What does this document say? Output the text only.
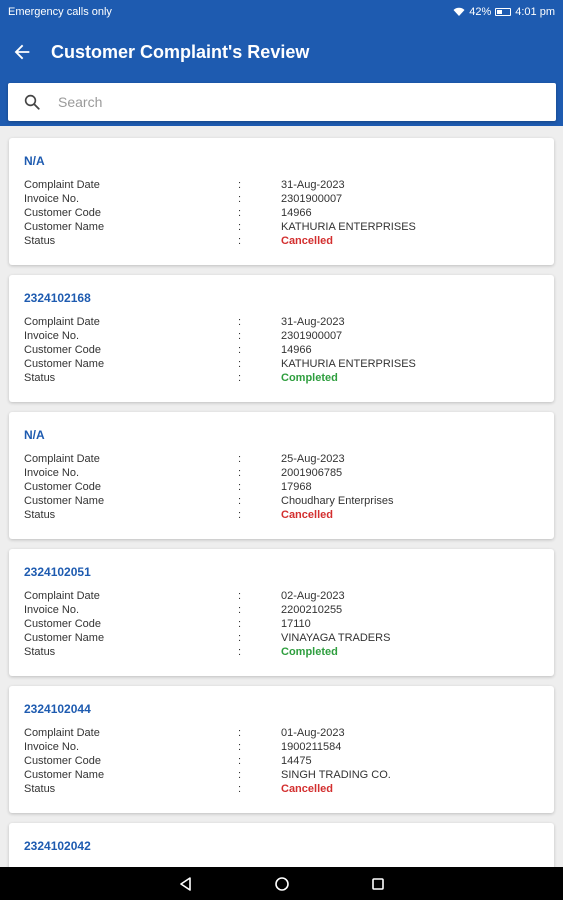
Emergency calls only	42% 4:01 pm
Customer Complaint's Review
Search
N/A
Complaint Date	:	31-Aug-2023
Invoice No.	:	2301900007
Customer Code	:	14966
Customer Name	:	KATHURIA ENTERPRISES
Status	:	Cancelled
2324102168
Complaint Date	:	31-Aug-2023
Invoice No.	:	2301900007
Customer Code	:	14966
Customer Name	:	KATHURIA ENTERPRISES
Status	:	Completed
N/A
Complaint Date	:	25-Aug-2023
Invoice No.	:	2001906785
Customer Code	:	17968
Customer Name	:	Choudhary Enterprises
Status	:	Cancelled
2324102051
Complaint Date	:	02-Aug-2023
Invoice No.	:	2200210255
Customer Code	:	17110
Customer Name	:	VINAYAGA TRADERS
Status	:	Completed
2324102044
Complaint Date	:	01-Aug-2023
Invoice No.	:	1900211584
Customer Code	:	14475
Customer Name	:	SINGH TRADING CO.
Status	:	Cancelled
2324102042
